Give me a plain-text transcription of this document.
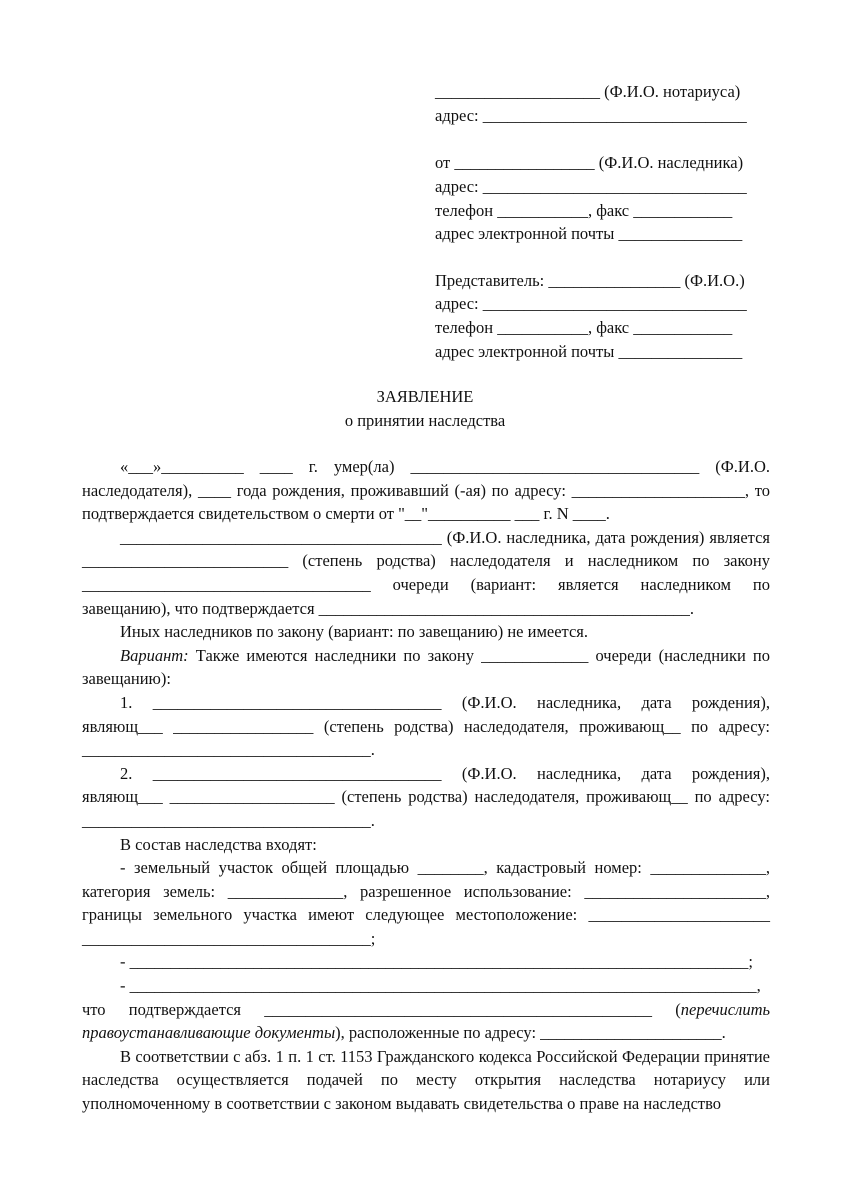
____________________ (Ф.И.О. нотариуса)
адрес: ________________________________
от _________________ (Ф.И.О. наследника)
адрес: ________________________________
телефон ___________, факс ____________
адрес электронной почты _______________
Представитель: ________________ (Ф.И.О.)
адрес: ________________________________
телефон ___________, факс ____________
адрес электронной почты _______________
ЗАЯВЛЕНИЕ
о принятии наследства

«___»__________ ____ г. умер(ла) ___________________________________ (Ф.И.О. наследодателя), ____ года рождения, проживавший (-ая) по адресу: _____________________, то подтверждается свидетельством о смерти от "__"__________ ___ г. N ____.

_______________________________________ (Ф.И.О. наследника, дата рождения) является _________________________ (степень родства) наследодателя и наследником по закону ___________________________________ очереди (вариант: является наследником по завещанию), что подтверждается _____________________________________________.

Иных наследников по закону (вариант: по завещанию) не имеется.

Вариант: Также имеются наследники по закону _____________ очереди (наследники по завещанию):

1. ___________________________________ (Ф.И.О. наследника, дата рождения), являющ___ _________________ (степень родства) наследодателя, проживающ__ по адресу: ___________________________________.

2. ___________________________________ (Ф.И.О. наследника, дата рождения), являющ___ ____________________ (степень родства) наследодателя, проживающ__ по адресу: ___________________________________.

В состав наследства входят:

- земельный участок общей площадью ________, кадастровый номер: ______________, категория земель: ______________, разрешенное использование: ______________________, границы земельного участка имеют следующее местоположение: ______________________ ___________________________________;

- ___________________________________________________________________________;

- ____________________________________________________________________________,

что подтверждается _______________________________________________ (перечислить правоустанавливающие документы), расположенные по адресу: ______________________.

В соответствии с абз. 1 п. 1 ст. 1153 Гражданского кодекса Российской Федерации принятие наследства осуществляется подачей по месту открытия наследства нотариусу или уполномоченному в соответствии с законом выдавать свидетельства о праве на наследство
